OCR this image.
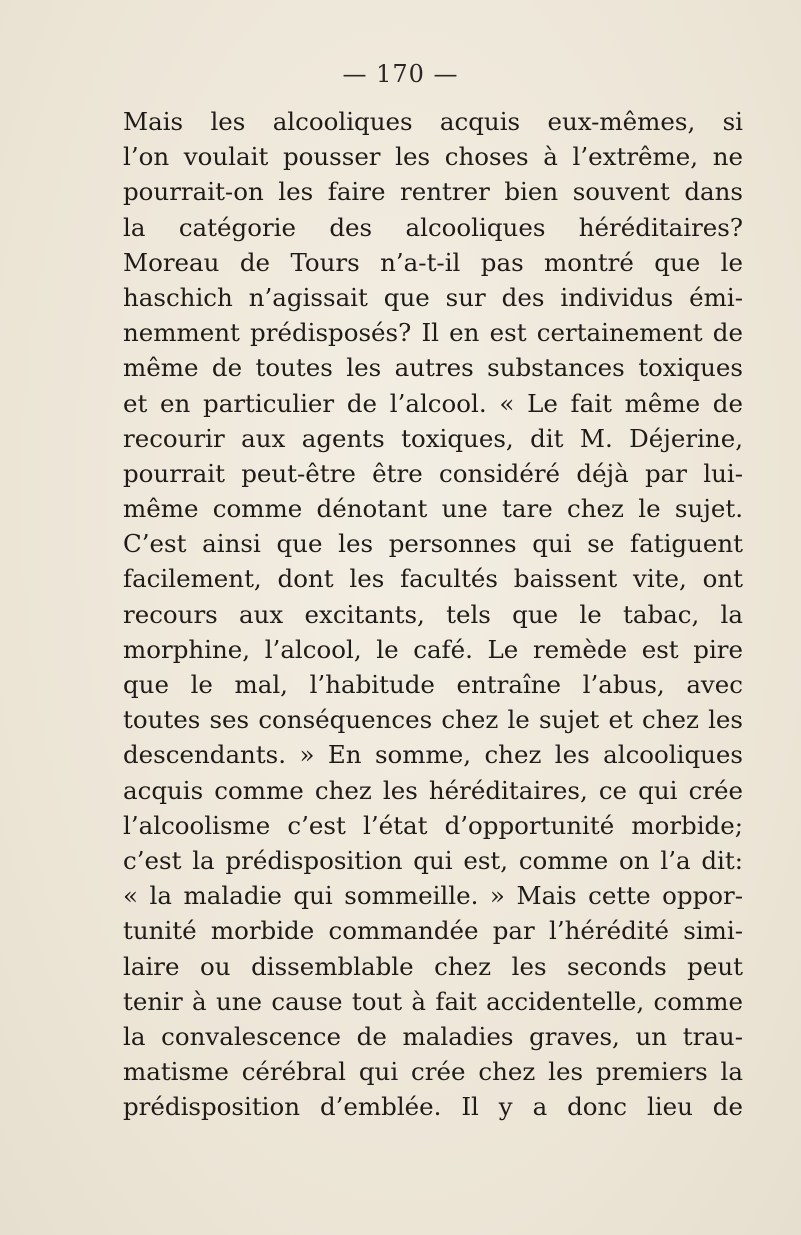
— 170 —
Mais les alcooliques acquis eux-mêmes, si
l’on voulait pousser les choses à l’extrême, ne
pourrait-on les faire rentrer bien souvent dans
la catégorie des alcooliques héréditaires?
Moreau de Tours n’a-t-il pas montré que le
haschich n’agissait que sur des individus émi-
nemment prédisposés? Il en est certainement de
même de toutes les autres substances toxiques
et en particulier de l’alcool. « Le fait même de
recourir aux agents toxiques, dit M. Déjerine,
pourrait peut-être être considéré déjà par lui-
même comme dénotant une tare chez le sujet.
C’est ainsi que les personnes qui se fatiguent
facilement, dont les facultés baissent vite, ont
recours aux excitants, tels que le tabac, la
morphine, l’alcool, le café. Le remède est pire
que le mal, l’habitude entraîne l’abus, avec
toutes ses conséquences chez le sujet et chez les
descendants. » En somme, chez les alcooliques
acquis comme chez les héréditaires, ce qui crée
l’alcoolisme c’est l’état d’opportunité morbide;
c’est la prédisposition qui est, comme on l’a dit:
« la maladie qui sommeille. » Mais cette oppor-
tunité morbide commandée par l’hérédité simi-
laire ou dissemblable chez les seconds peut
tenir à une cause tout à fait accidentelle, comme
la convalescence de maladies graves, un trau-
matisme cérébral qui crée chez les premiers la
prédisposition d’emblée. Il y a donc lieu de
